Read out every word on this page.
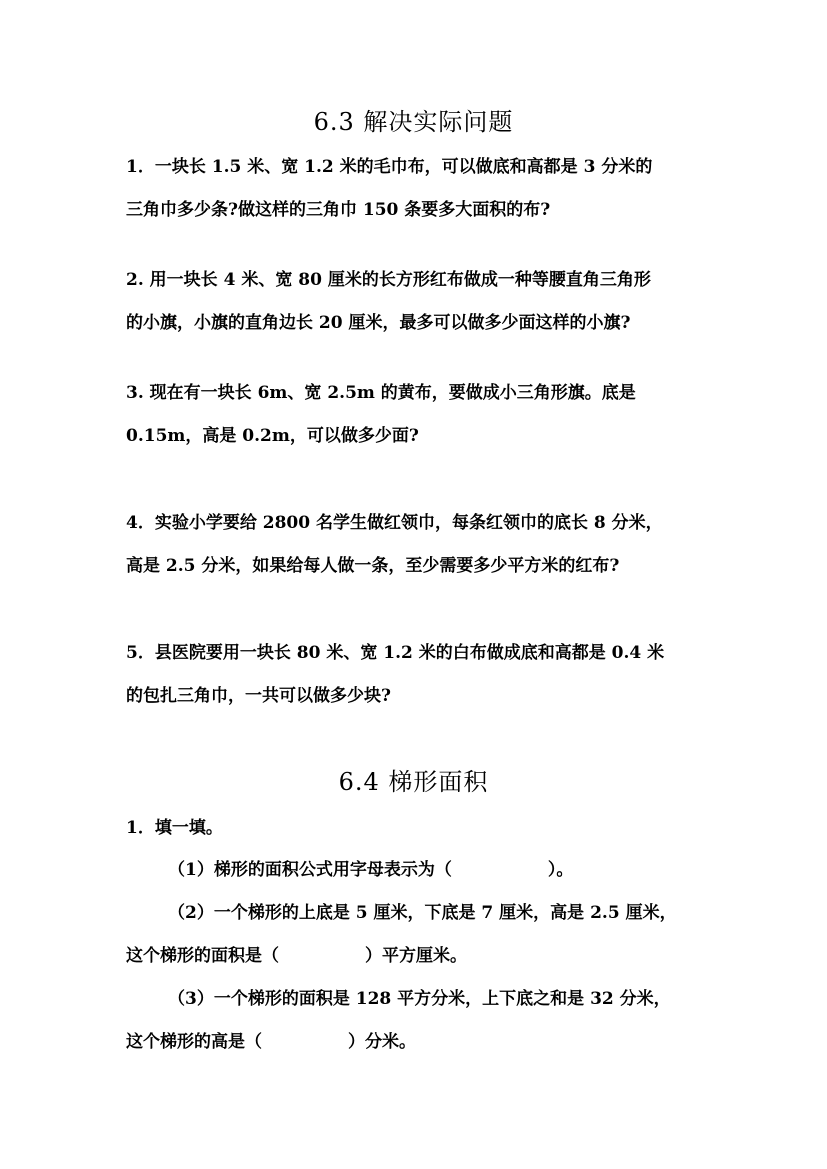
6.3 解决实际问题
1．一块长 1.5 米、宽 1.2 米的毛巾布，可以做底和高都是 3 分米的
三角巾多少条?做这样的三角巾 150 条要多大面积的布?
2. 用一块长 4 米、宽 80 厘米的长方形红布做成一种等腰直角三角形
的小旗，小旗的直角边长 20 厘米，最多可以做多少面这样的小旗?
3. 现在有一块长 6m、宽 2.5m 的黄布，要做成小三角形旗。底是
0.15m，高是 0.2m，可以做多少面?
4．实验小学要给 2800 名学生做红领巾，每条红领巾的底长 8 分米，
高是 2.5 分米，如果给每人做一条，至少需要多少平方米的红布?
5．县医院要用一块长 80 米、宽 1.2 米的白布做成底和高都是 0.4 米
的包扎三角巾，一共可以做多少块?
6.4 梯形面积
1．填一填。
（1）梯形的面积公式用字母表示为（	）。
（2）一个梯形的上底是 5 厘米，下底是 7 厘米，高是 2.5 厘米，
这个梯形的面积是（	）平方厘米。
（3）一个梯形的面积是 128 平方分米，上下底之和是 32 分米，
这个梯形的高是（	）分米。
